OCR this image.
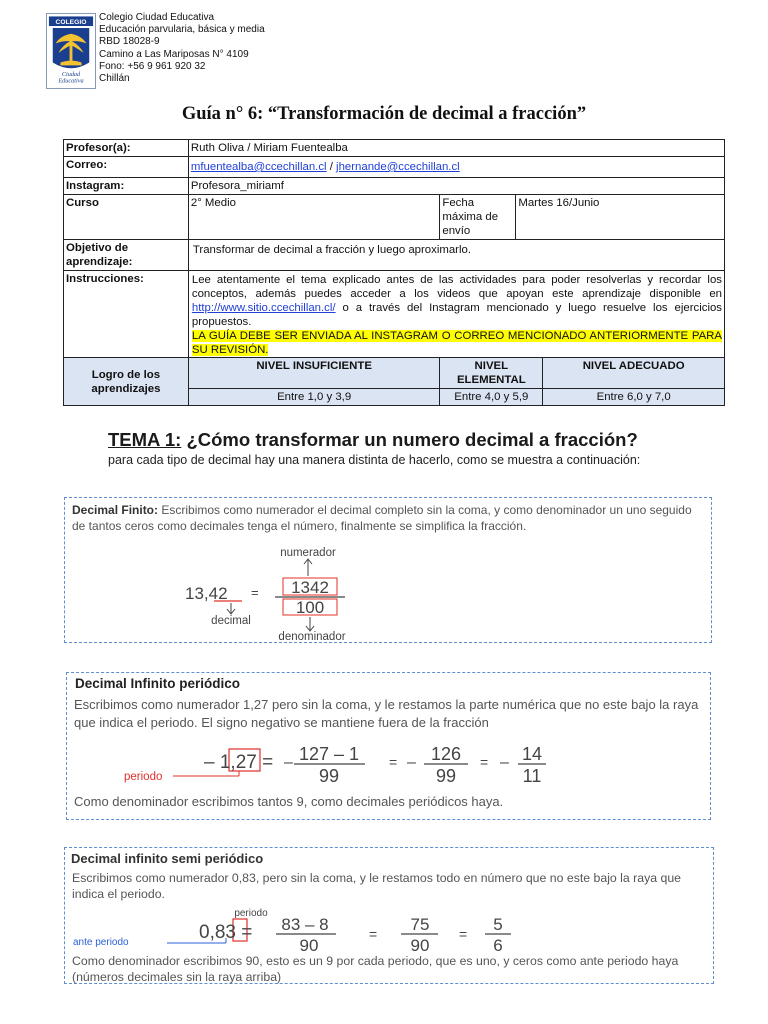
COLEGIO
Ciudad
Educativa
Colegio Ciudad Educativa
Educación parvularia, básica y media
RBD 18028-9
Camino a Las Mariposas N° 4109
Fono: +56 9 961 920 32
Chillán
Guía n° 6: “Transformación de decimal a fracción”
Profesor(a):	Ruth Oliva / Miriam Fuentealba			
Correo:	mfuentealba@ccechillan.cl / jhernande@ccechillan.cl			
Instagram:	Profesora_miriamf			
Curso	2° Medio	Fecha máxima de envío	Martes 16/Junio	
Objetivo de aprendizaje:	Transformar de decimal a fracción y luego aproximarlo.			
Instrucciones:	Lee atentamente el tema explicado antes de las actividades para poder resolverlas y recordar los conceptos, además puedes acceder a los videos que apoyan este aprendizaje disponible en http://www.sitio.ccechillan.cl/ o a través del Instagram mencionado y luego resuelve los ejercicios propuestos.
LA GUÍA DEBE SER ENVIADA AL INSTAGRAM O CORREO MENCIONADO ANTERIORMENTE PARA SU REVISIÓN.			
Logro de los aprendizajes	NIVEL INSUFICIENTE	NIVEL ELEMENTAL		NIVEL ADECUADO
	Entre 1,0 y 3,9	Entre 4,0 y 5,9		Entre 6,0 y 7,0
TEMA 1: ¿Cómo transformar un numero decimal a fracción?
para cada tipo de decimal hay una manera distinta de hacerlo, como se muestra a continuación:
Decimal Finito: Escribimos como numerador el decimal completo sin la coma, y como denominador un uno seguido de tantos ceros como decimales tenga el número, finalmente se simplifica la fracción.
numerador
13,42
decimal
= 1342
100
denominador
Decimal Infinito periódico
Escribimos como numerador 1,27 pero sin la coma, y le restamos la parte numérica que no este bajo la raya que indica el periodo. El signo negativo se mantiene fuera de la fracción
periodo
– 1,27 = – 127 – 1
99
= – 126
99
= – 14
11
Como denominador escribimos tantos 9, como decimales periódicos haya.
Decimal infinito semi periódico
Escribimos como numerador 0,83, pero sin la coma, y le restamos todo en número que no este bajo la raya que indica el periodo.
periodo
0,83 =
ante periodo
83 – 8
90
= 75
90
= 5
6
Como denominador escribimos 90, esto es un 9 por cada periodo, que es uno, y ceros como ante periodo haya (números decimales sin la raya arriba)
